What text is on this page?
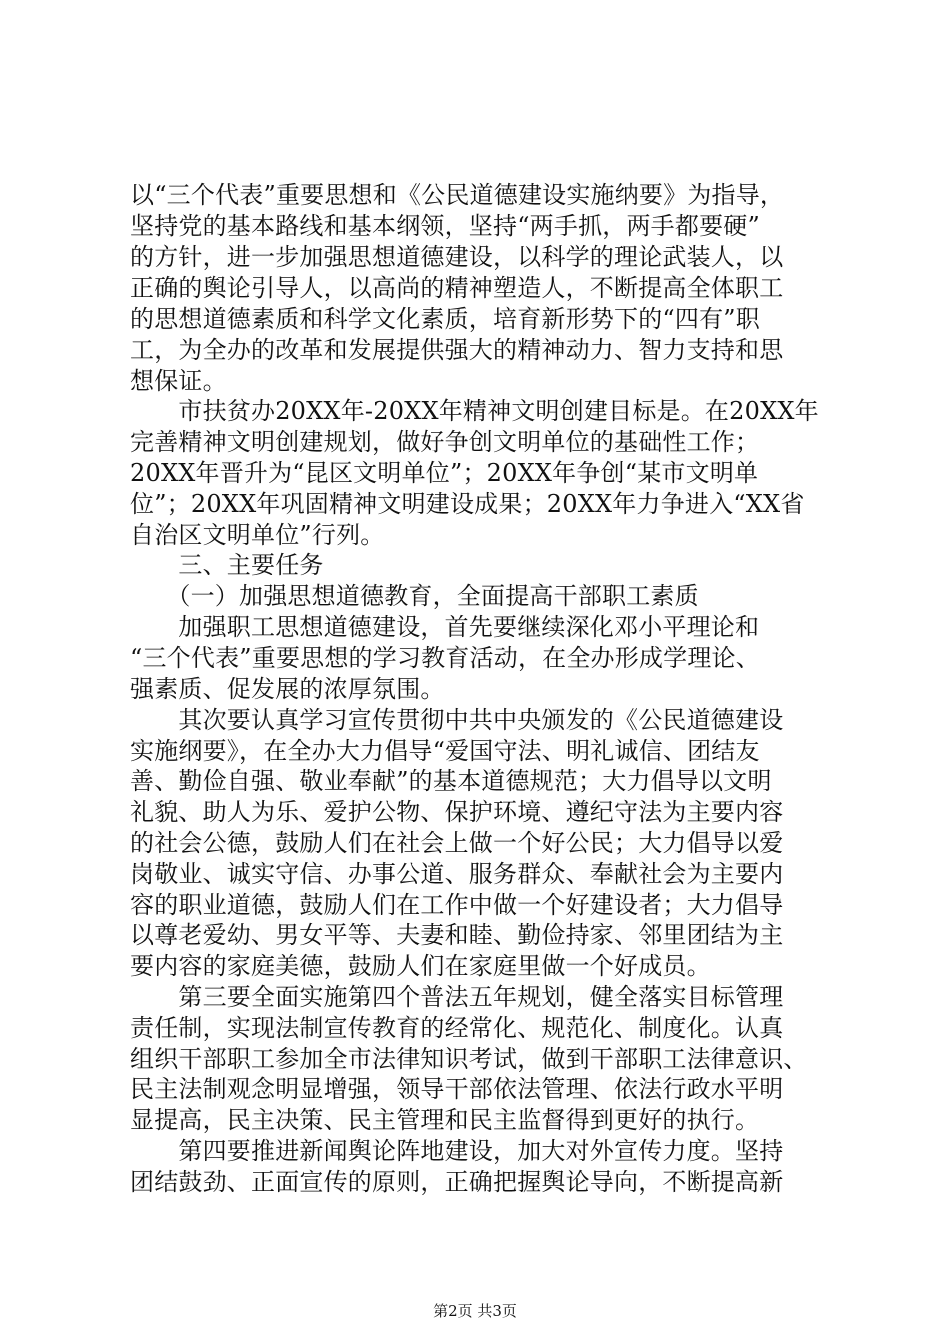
以“三个代表”重要思想和《公民道德建设实施纳要》为指导，
坚持党的基本路线和基本纲领，坚持“两手抓，两手都要硬”
的方针，进一步加强思想道德建设，以科学的理论武装人，以
正确的舆论引导人，以高尚的精神塑造人，不断提高全体职工
的思想道德素质和科学文化素质，培育新形势下的“四有”职
工，为全办的改革和发展提供强大的精神动力、智力支持和思
想保证。
　　市扶贫办20XX年-20XX年精神文明创建目标是。在20XX年
完善精神文明创建规划，做好争创文明单位的基础性工作；
20XX年晋升为“昆区文明单位”；20XX年争创“某市文明单
位”；20XX年巩固精神文明建设成果；20XX年力争进入“XX省
自治区文明单位”行列。
　　三、主要任务
　　（一）加强思想道德教育，全面提高干部职工素质
　　加强职工思想道德建设，首先要继续深化邓小平理论和
“三个代表”重要思想的学习教育活动，在全办形成学理论、
强素质、促发展的浓厚氛围。
　　其次要认真学习宣传贯彻中共中央颁发的《公民道德建设
实施纲要》，在全办大力倡导“爱国守法、明礼诚信、团结友
善、勤俭自强、敬业奉献”的基本道德规范；大力倡导以文明
礼貌、助人为乐、爱护公物、保护环境、遵纪守法为主要内容
的社会公德，鼓励人们在社会上做一个好公民；大力倡导以爱
岗敬业、诚实守信、办事公道、服务群众、奉献社会为主要内
容的职业道德，鼓励人们在工作中做一个好建设者；大力倡导
以尊老爱幼、男女平等、夫妻和睦、勤俭持家、邻里团结为主
要内容的家庭美德，鼓励人们在家庭里做一个好成员。
　　第三要全面实施第四个普法五年规划，健全落实目标管理
责任制，实现法制宣传教育的经常化、规范化、制度化。认真
组织干部职工参加全市法律知识考试，做到干部职工法律意识、
民主法制观念明显增强，领导干部依法管理、依法行政水平明
显提高，民主决策、民主管理和民主监督得到更好的执行。
　　第四要推进新闻舆论阵地建设，加大对外宣传力度。坚持
团结鼓劲、正面宣传的原则，正确把握舆论导向，不断提高新
第2页 共3页
